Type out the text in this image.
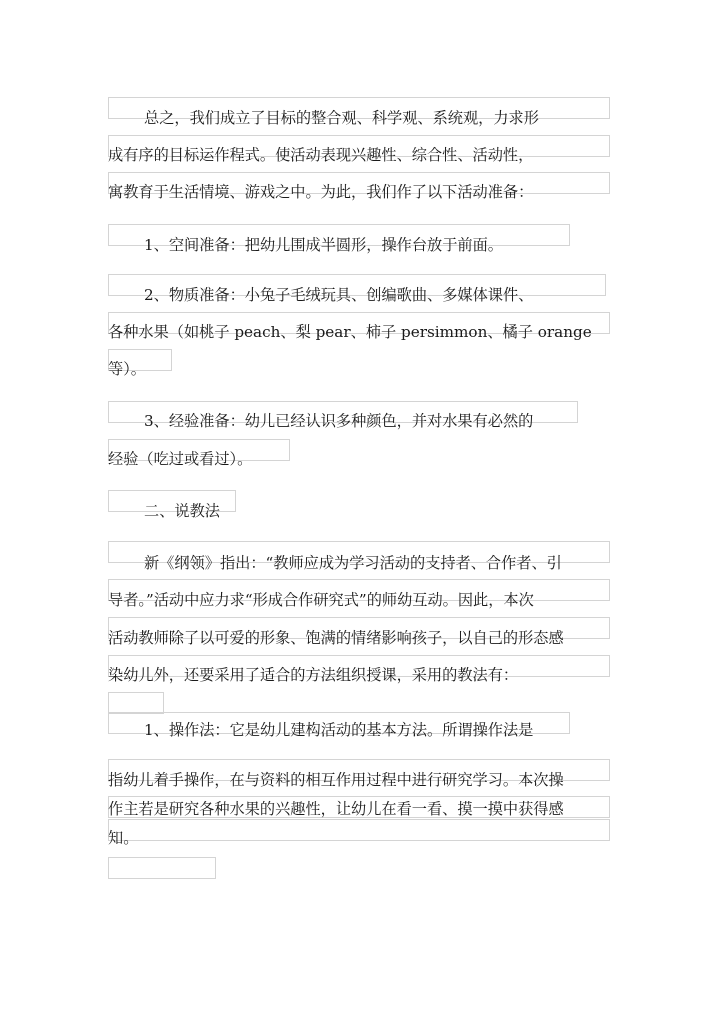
总之，我们成立了目标的整合观、科学观、系统观，力求形
成有序的目标运作程式。使活动表现兴趣性、综合性、活动性，
寓教育于生活情境、游戏之中。为此，我们作了以下活动准备：
1、空间准备：把幼儿围成半圆形，操作台放于前面。
2、物质准备：小兔子毛绒玩具、创编歌曲、多媒体课件、
各种水果（如桃子 peach、梨 pear、柿子 persimmon、橘子 orange
等）。
3、经验准备：幼儿已经认识多种颜色，并对水果有必然的
经验（吃过或看过）。
二、说教法
新《纲领》指出：“教师应成为学习活动的支持者、合作者、引
导者。”活动中应力求“形成合作研究式”的师幼互动。因此，本次
活动教师除了以可爱的形象、饱满的情绪影响孩子，以自己的形态感
染幼儿外，还要采用了适合的方法组织授课，采用的教法有：
1、操作法：它是幼儿建构活动的基本方法。所谓操作法是
指幼儿着手操作，在与资料的相互作用过程中进行研究学习。本次操
作主若是研究各种水果的兴趣性，让幼儿在看一看、摸一摸中获得感
知。
